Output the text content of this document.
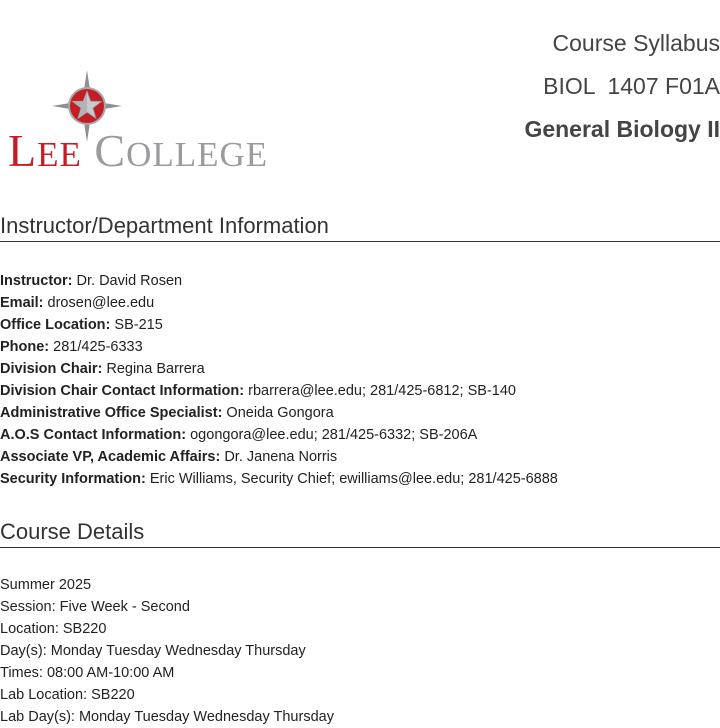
LEE COLLEGE
Course Syllabus
BIOL  1407 F01A
General Biology II
Instructor/Department Information
Instructor: Dr. David Rosen
Email: drosen@lee.edu
Office Location: SB-215
Phone: 281/425-6333
Division Chair: Regina Barrera
Division Chair Contact Information: rbarrera@lee.edu; 281/425-6812; SB-140
Administrative Office Specialist: Oneida Gongora
A.O.S Contact Information: ogongora@lee.edu; 281/425-6332; SB-206A
Associate VP, Academic Affairs: Dr. Janena Norris
Security Information: Eric Williams, Security Chief; ewilliams@lee.edu; 281/425-6888
Course Details
Summer 2025
Session: Five Week - Second
Location: SB220
Day(s): Monday Tuesday Wednesday Thursday
Times: 08:00 AM-10:00 AM
Lab Location: SB220
Lab Day(s): Monday Tuesday Wednesday Thursday
